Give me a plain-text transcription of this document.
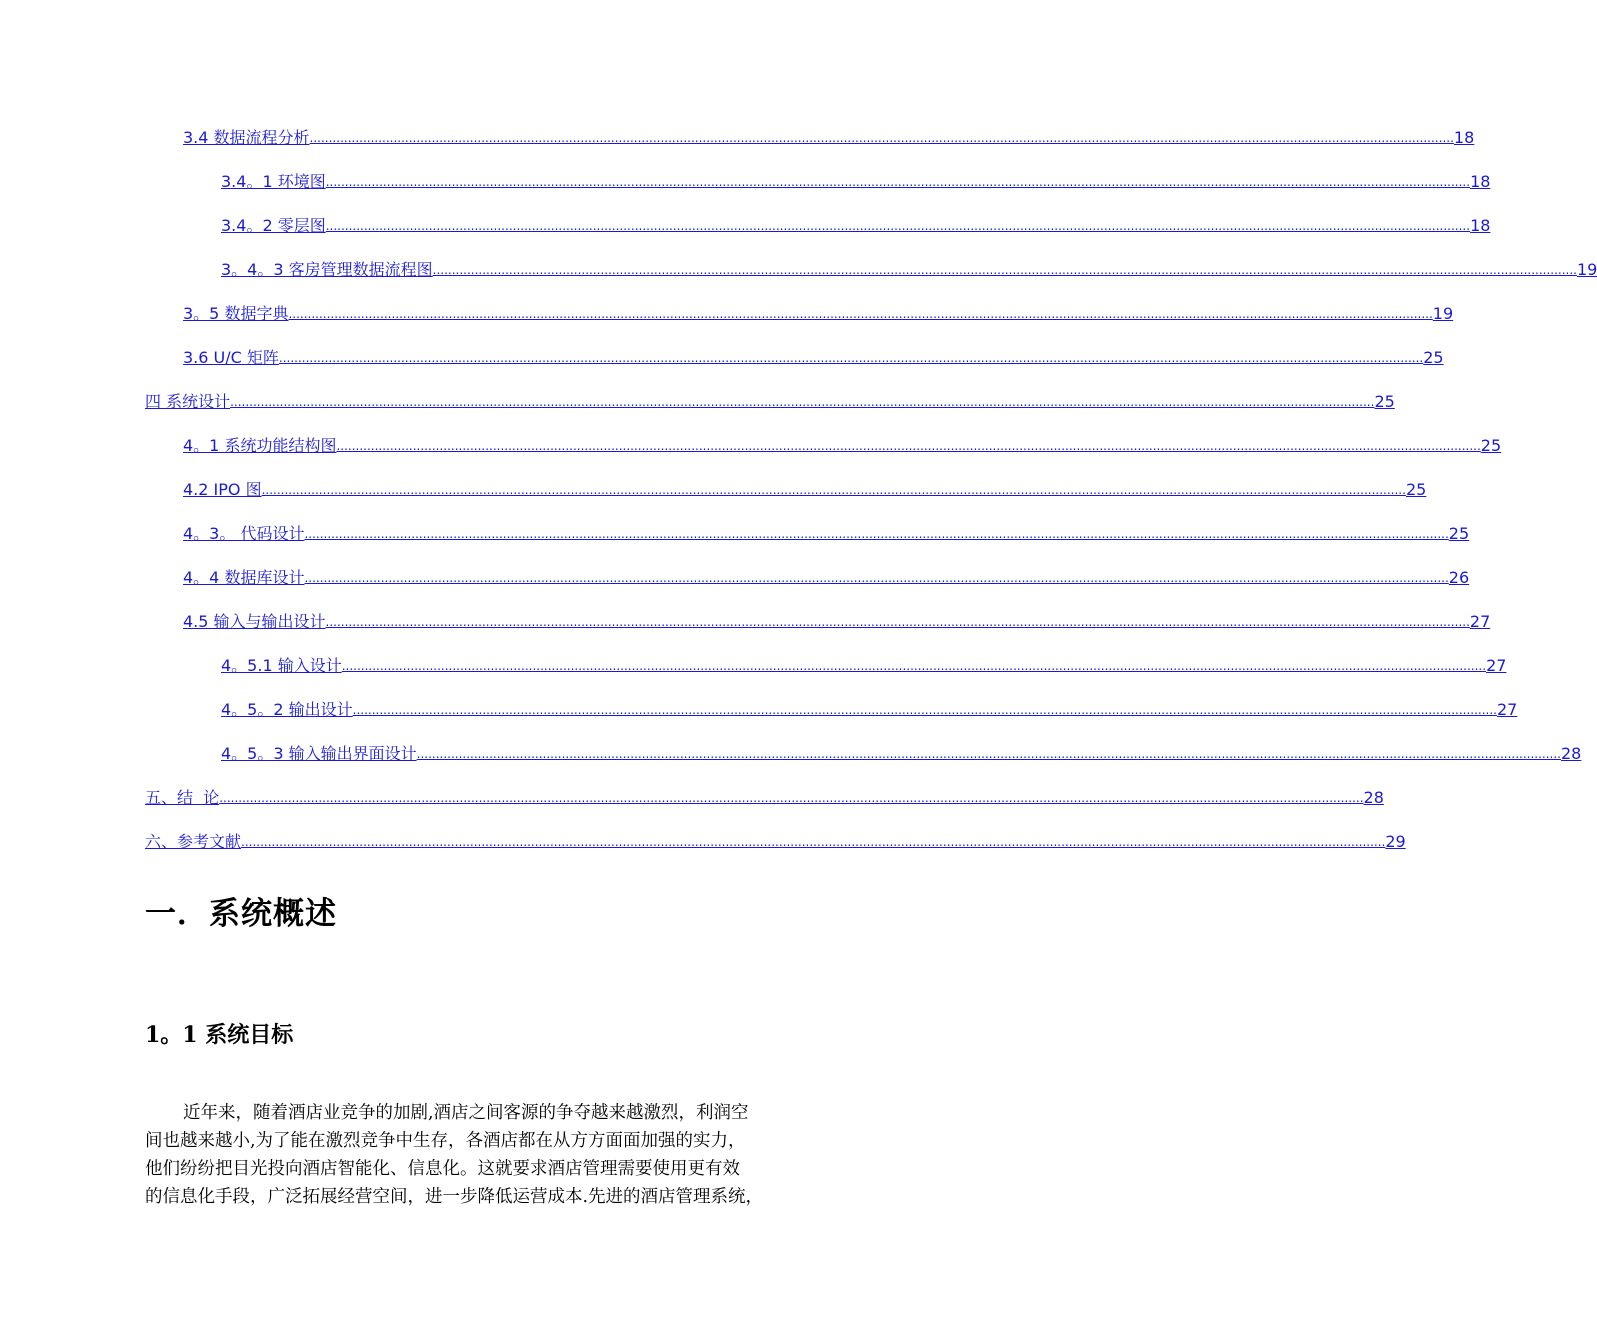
3.4 数据流程分析 ............................................................................................................................................................................................................................................................................................................ 18
3.4。1 环境图 ............................................................................................................................................................................................................................................................................................................ 18
3.4。2 零层图 ............................................................................................................................................................................................................................................................................................................ 18
3。4。3 客房管理数据流程图 ............................................................................................................................................................................................................................................................................................................ 19
3。5 数据字典 ............................................................................................................................................................................................................................................................................................................ 19
3.6 U/C 矩阵 ............................................................................................................................................................................................................................................................................................................ 25
四 系统设计 ............................................................................................................................................................................................................................................................................................................ 25
4。1 系统功能结构图 ............................................................................................................................................................................................................................................................................................................ 25
4.2 IPO 图 ............................................................................................................................................................................................................................................................................................................ 25
4。3。 代码设计 ............................................................................................................................................................................................................................................................................................................ 25
4。4 数据库设计 ............................................................................................................................................................................................................................................................................................................ 26
4.5 输入与输出设计 ............................................................................................................................................................................................................................................................................................................ 27
4。5.1 输入设计 ............................................................................................................................................................................................................................................................................................................ 27
4。5。2 输出设计 ............................................................................................................................................................................................................................................................................................................ 27
4。5。3 输入输出界面设计 ............................................................................................................................................................................................................................................................................................................ 28
五、结  论 ............................................................................................................................................................................................................................................................................................................ 28
六、参考文献 ............................................................................................................................................................................................................................................................................................................ 29
一．系统概述
1。1 系统目标
近年来，随着酒店业竞争的加剧,酒店之间客源的争夺越来越激烈，利润空
间也越来越小,为了能在激烈竞争中生存，各酒店都在从方方面面加强的实力，
他们纷纷把目光投向酒店智能化、信息化。这就要求酒店管理需要使用更有效
的信息化手段，广泛拓展经营空间，进一步降低运营成本.先进的酒店管理系统，
